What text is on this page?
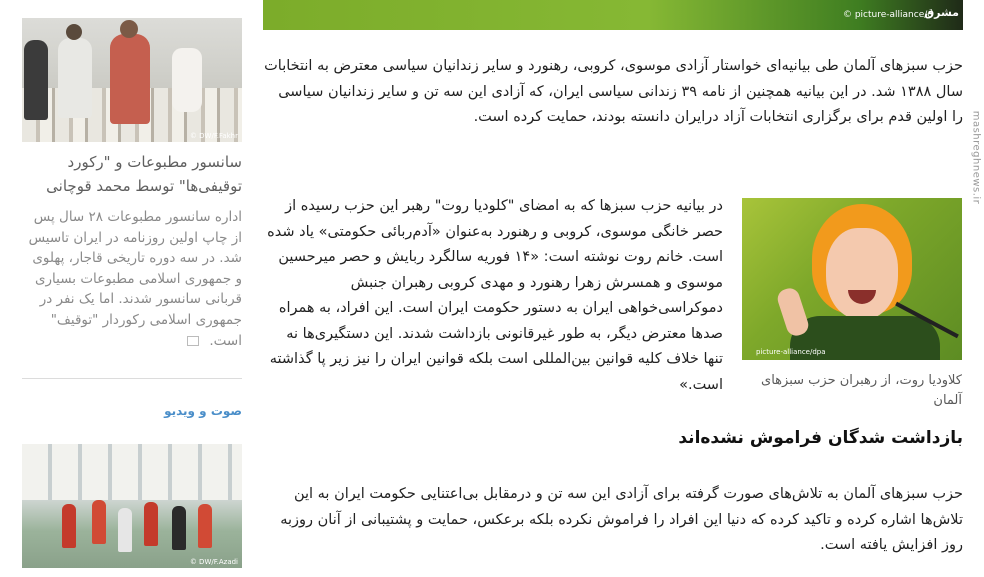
© DW/F.Fakhr
سانسور مطبوعات و "رکورد توقیفی‌ها" توسط محمد قوچانی
اداره سانسور مطبوعات ۲۸ سال پس از چاپ اولین روزنامه در ایران تاسیس شد. در سه دوره تاریخی قاجار، پهلوی و جمهوری اسلامی مطبوعات بسیاری قربانی سانسور شدند. اما یک نفر در جمهوری اسلامی رکوردار "توقیف" است.
صوت و ویدیو
© DW/F.Azadi
© picture-alliance/d
مشرق
mashreghnews.ir
حزب سبزهای آلمان طی بیانیه‌ای خواستار آزادی موسوی، کروبی، رهنورد و سایر زندانیان سیاسی معترض به انتخابات سال ۱۳۸۸ شد. در این بیانیه همچنین از نامه ۳۹ زندانی سیاسی ایران، که آزادی این سه تن و سایر زندانیان سیاسی را اولین قدم برای برگزاری انتخابات آزاد درایران دانسته بودند، حمایت کرده است.
در بیانیه حزب سبزها که به امضای "کلودیا روت" رهبر این حزب رسیده از حصر خانگی موسوی، کروبی و رهنورد به‌عنوان «آدم‌ربائی حکومتی» یاد شده است. خانم روت نوشته است: «۱۴ فوریه سالگرد ربایش و حصر میرحسین موسوی و همسرش زهرا رهنورد و مهدی کروبی رهبران جنبش دموکراسی‌خواهی ایران به دستور حکومت ایران است. این افراد، به همراه صدها معترض دیگر، به طور غیرقانونی بازداشت شدند. این دستگیری‌ها نه تنها خلاف کلیه قوانین بین‌المللی است بلکه قوانین ایران را نیز زیر پا گذاشته است.»
picture-alliance/dpa
کلاودیا روت، از رهبران حزب سبزهای آلمان
بازداشت شدگان فراموش نشده‌اند
حزب سبزهای آلمان به تلاش‌های صورت گرفته برای آزادی این سه تن و درمقابل بی‌اعتنایی حکومت ایران به این تلاش‌ها اشاره کرده و تاکید کرده که دنیا این افراد را فراموش نکرده بلکه برعکس، حمایت و پشتیبانی از آنان روزبه روز افزایش یافته است.
